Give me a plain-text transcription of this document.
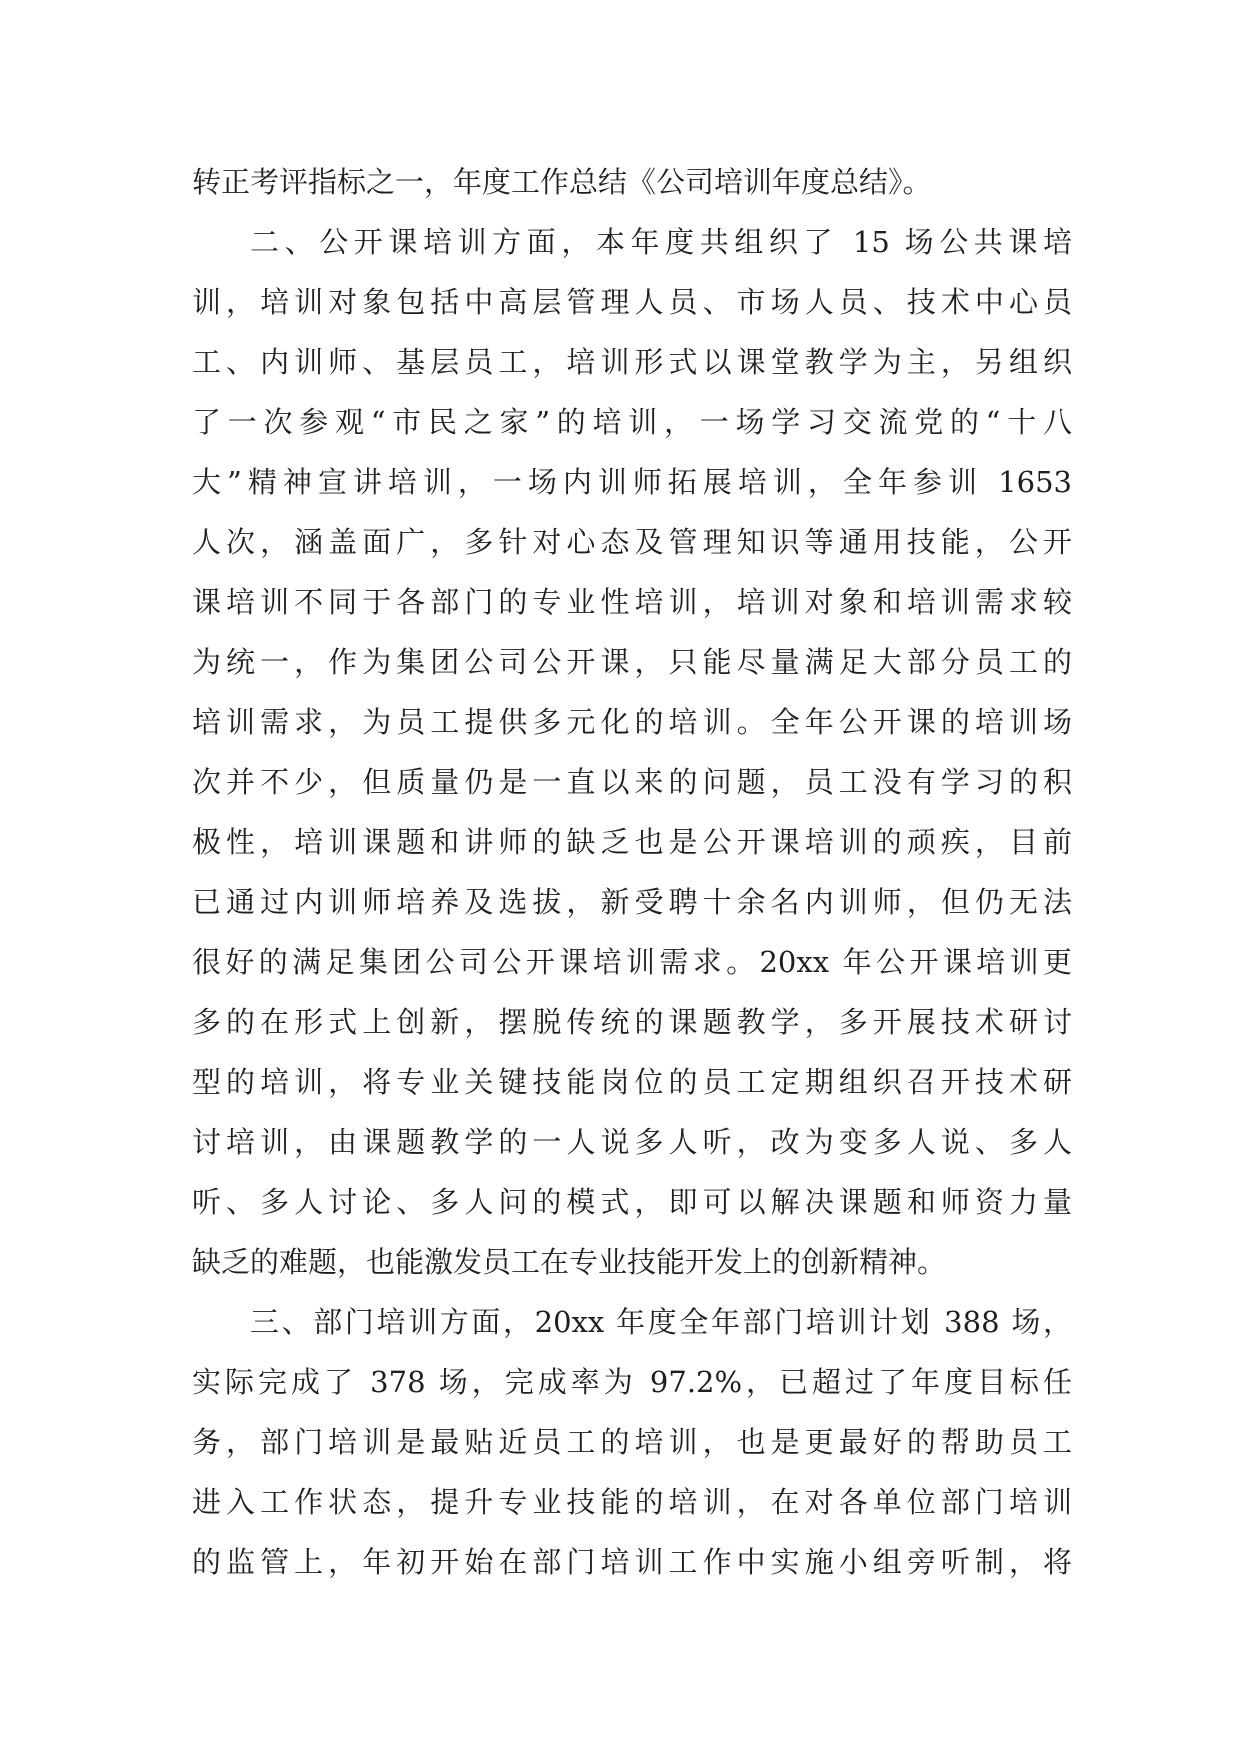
转正考评指标之一，年度工作总结《公司培训年度总结》。
二、公开课培训方面，本年度共组织了 15 场公共课培
训，培训对象包括中高层管理人员、市场人员、技术中心员
工、内训师、基层员工，培训形式以课堂教学为主，另组织
了一次参观“市民之家”的培训，一场学习交流党的“十八
大”精神宣讲培训，一场内训师拓展培训，全年参训 1653
人次，涵盖面广，多针对心态及管理知识等通用技能，公开
课培训不同于各部门的专业性培训，培训对象和培训需求较
为统一，作为集团公司公开课，只能尽量满足大部分员工的
培训需求，为员工提供多元化的培训。全年公开课的培训场
次并不少，但质量仍是一直以来的问题，员工没有学习的积
极性，培训课题和讲师的缺乏也是公开课培训的顽疾，目前
已通过内训师培养及选拔，新受聘十余名内训师，但仍无法
很好的满足集团公司公开课培训需求。20xx 年公开课培训更
多的在形式上创新，摆脱传统的课题教学，多开展技术研讨
型的培训，将专业关键技能岗位的员工定期组织召开技术研
讨培训，由课题教学的一人说多人听，改为变多人说、多人
听、多人讨论、多人问的模式，即可以解决课题和师资力量
缺乏的难题，也能激发员工在专业技能开发上的创新精神。
三、部门培训方面，20xx 年度全年部门培训计划 388 场，
实际完成了 378 场，完成率为 97.2%，已超过了年度目标任
务，部门培训是最贴近员工的培训，也是更最好的帮助员工
进入工作状态，提升专业技能的培训，在对各单位部门培训
的监管上，年初开始在部门培训工作中实施小组旁听制，将
